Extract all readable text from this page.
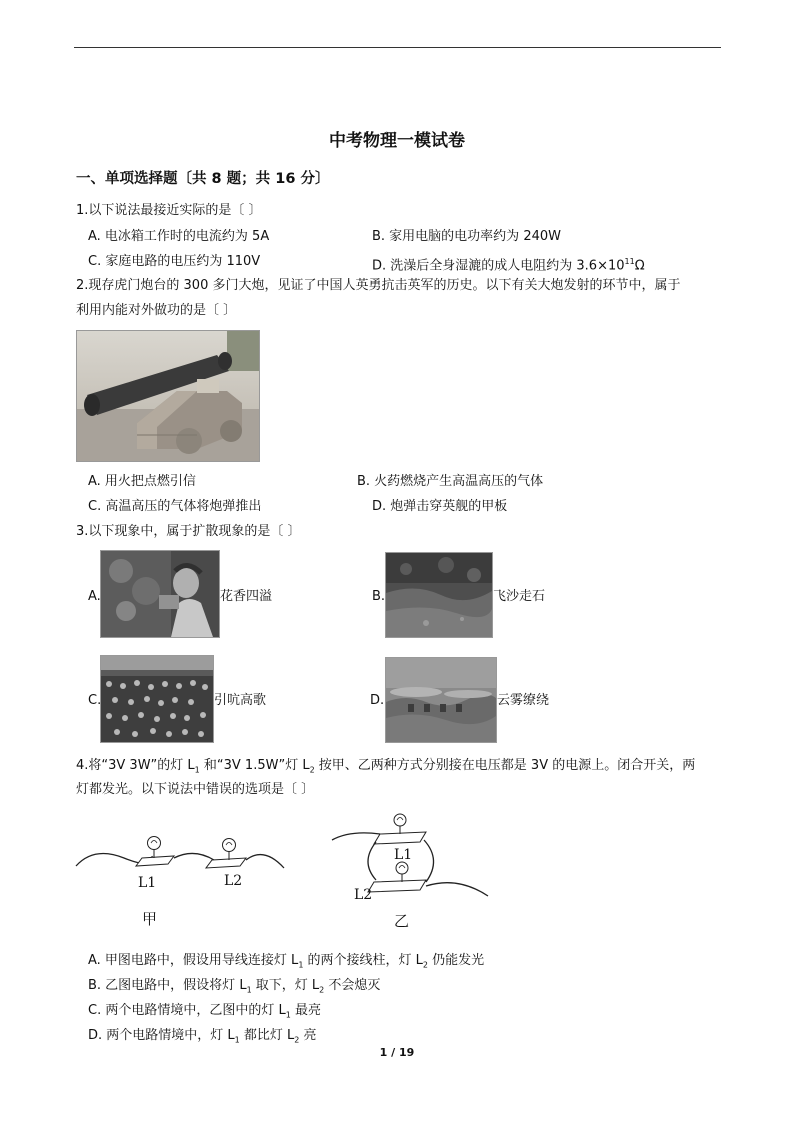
中考物理一模试卷
一、单项选择题〔共 8 题；共 16 分〕
1.以下说法最接近实际的是〔 〕
A. 电冰箱工作时的电流约为 5A	B. 家用电脑的电功率约为 240W
C. 家庭电路的电压约为 110V	D. 洗澡后全身湿漉的成人电阻约为 $3.6\times 10^{11}\Omega$
2.现存虎门炮台的 300 多门大炮，见证了中国人英勇抗击英军的历史。以下有关大炮发射的环节中，属于
利用内能对外做功的是〔 〕
A. 用火把点燃引信	B. 火药燃烧产生高温高压的气体
C. 高温高压的气体将炮弹推出	D. 炮弹击穿英舰的甲板
3.以下现象中，属于扩散现象的是〔 〕
A.	花香四溢	B.	飞沙走石
C.	引吭高歌	D.	云雾缭绕
4.将“3V 3W”的灯 $L_1$ 和“3V 1.5W”灯 $L_2$ 按甲、乙两种方式分别接在电压都是 3V 的电源上。闭合开关，两
灯都发光。以下说法中错误的选项是〔 〕
L1	L2
甲
L1
L2
乙
A. 甲图电路中，假设用导线连接灯 $L_1$ 的两个接线柱，灯 $L_2$ 仍能发光
B. 乙图电路中，假设将灯 $L_1$ 取下，灯 $L_2$ 不会熄灭
C. 两个电路情境中，乙图中的灯 $L_1$ 最亮
D. 两个电路情境中，灯 $L_1$ 都比灯 $L_2$ 亮
1 / 19
